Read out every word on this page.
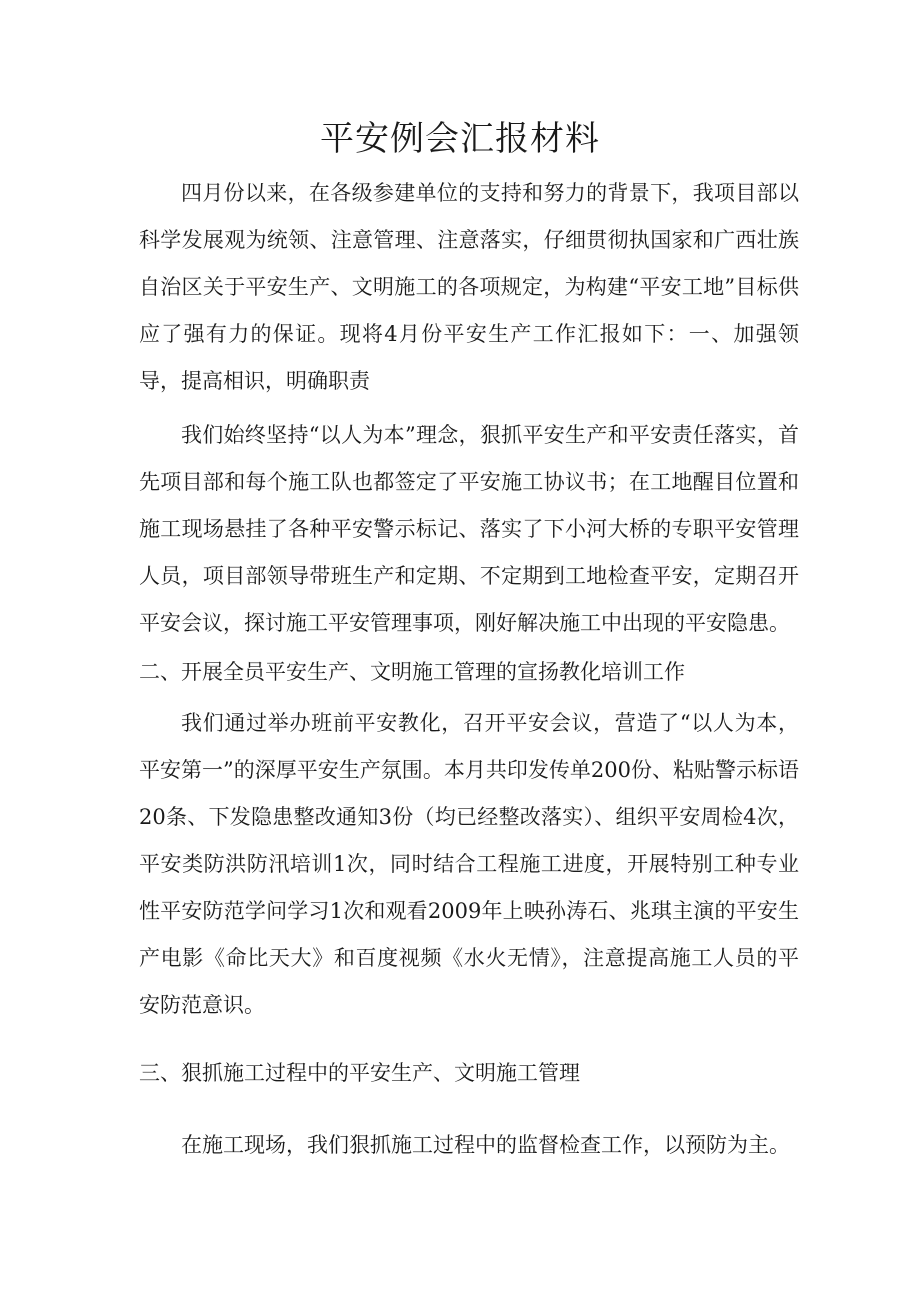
平安例会汇报材料

四月份以来，在各级参建单位的支持和努力的背景下，我项目部以科学发展观为统领、注意管理、注意落实，仔细贯彻执国家和广西壮族自治区关于平安生产、文明施工的各项规定，为构建“平安工地”目标供应了强有力的保证。现将4月份平安生产工作汇报如下：一、加强领导，提高相识，明确职责

我们始终坚持“以人为本”理念，狠抓平安生产和平安责任落实，首先项目部和每个施工队也都签定了平安施工协议书；在工地醒目位置和施工现场悬挂了各种平安警示标记、落实了下小河大桥的专职平安管理人员，项目部领导带班生产和定期、不定期到工地检查平安，定期召开平安会议，探讨施工平安管理事项，刚好解决施工中出现的平安隐患。

二、开展全员平安生产、文明施工管理的宣扬教化培训工作

我们通过举办班前平安教化，召开平安会议，营造了“以人为本，平安第一”的深厚平安生产氛围。本月共印发传单200份、粘贴警示标语20条、下发隐患整改通知3份（均已经整改落实）、组织平安周检4次，平安类防洪防汛培训1次，同时结合工程施工进度，开展特别工种专业性平安防范学问学习1次和观看2009年上映孙涛石、兆琪主演的平安生产电影《命比天大》和百度视频《水火无情》，注意提高施工人员的平安防范意识。

三、狠抓施工过程中的平安生产、文明施工管理

在施工现场，我们狠抓施工过程中的监督检查工作，以预防为主。
